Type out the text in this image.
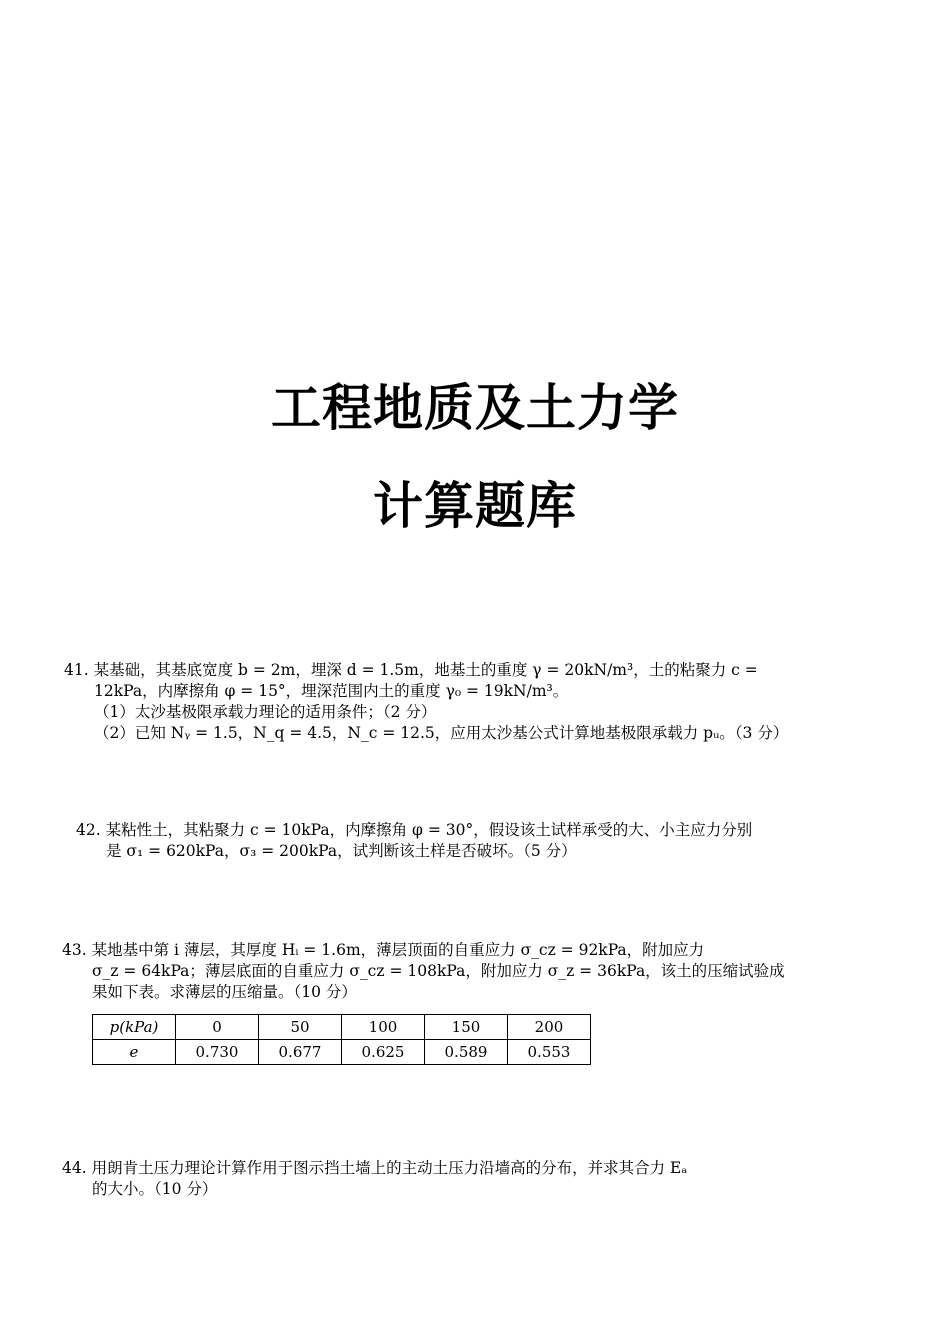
工程地质及土力学
计算题库
41. 某基础，其基底宽度 b = 2m，埋深 d = 1.5m，地基土的重度 γ = 20kN/m³，土的粘聚力 c =
12kPa，内摩擦角 φ = 15°，埋深范围内土的重度 γ₀ = 19kN/m³。
（1）太沙基极限承载力理论的适用条件；（2 分）
（2）已知 Nᵧ = 1.5，N_q = 4.5，N_c = 12.5，应用太沙基公式计算地基极限承载力 pᵤ。（3 分）
42. 某粘性土，其粘聚力 c = 10kPa，内摩擦角 φ = 30°，假设该土试样承受的大、小主应力分别
是 σ₁ = 620kPa，σ₃ = 200kPa，试判断该土样是否破坏。（5 分）
43. 某地基中第 i 薄层，其厚度 Hᵢ = 1.6m，薄层顶面的自重应力 σ_cz = 92kPa，附加应力
σ_z = 64kPa；薄层底面的自重应力 σ_cz = 108kPa，附加应力 σ_z = 36kPa，该土的压缩试验成
果如下表。求薄层的压缩量。（10 分）
p(kPa)	0	50	100	150	200
e	0.730	0.677	0.625	0.589	0.553
44. 用朗肯土压力理论计算作用于图示挡土墙上的主动土压力沿墙高的分布，并求其合力 Eₐ
的大小。（10 分）
